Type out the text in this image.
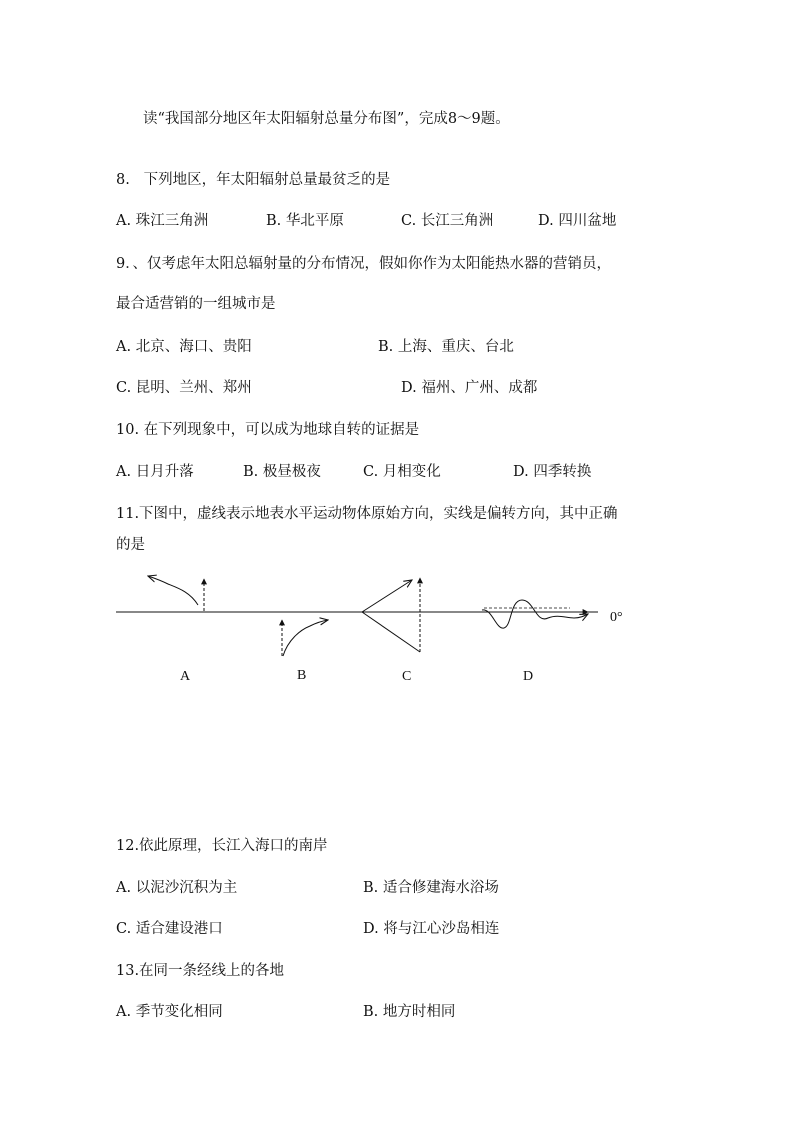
读“我国部分地区年太阳辐射总量分布图”，完成8～9题。
8.   下列地区，年太阳辐射总量最贫乏的是
A. 珠江三角洲	B. 华北平原	C. 长江三角洲	D. 四川盆地
9．、仅考虑年太阳总辐射量的分布情况，假如你作为太阳能热水器的营销员，
最合适营销的一组城市是
A. 北京、海口、贵阳	B. 上海、重庆、台北
C. 昆明、兰州、郑州	D. 福州、广州、成都
10. 在下列现象中，可以成为地球自转的证据是
A. 日月升落	B. 极昼极夜	C. 月相变化	D. 四季转换
11.下图中，虚线表示地表水平运动物体原始方向，实线是偏转方向，其中正确
的是
0°
A	B	C	D
12.依此原理，长江入海口的南岸
A. 以泥沙沉积为主	B. 适合修建海水浴场
C. 适合建设港口	D. 将与江心沙岛相连
13.在同一条经线上的各地
A. 季节变化相同	B. 地方时相同
